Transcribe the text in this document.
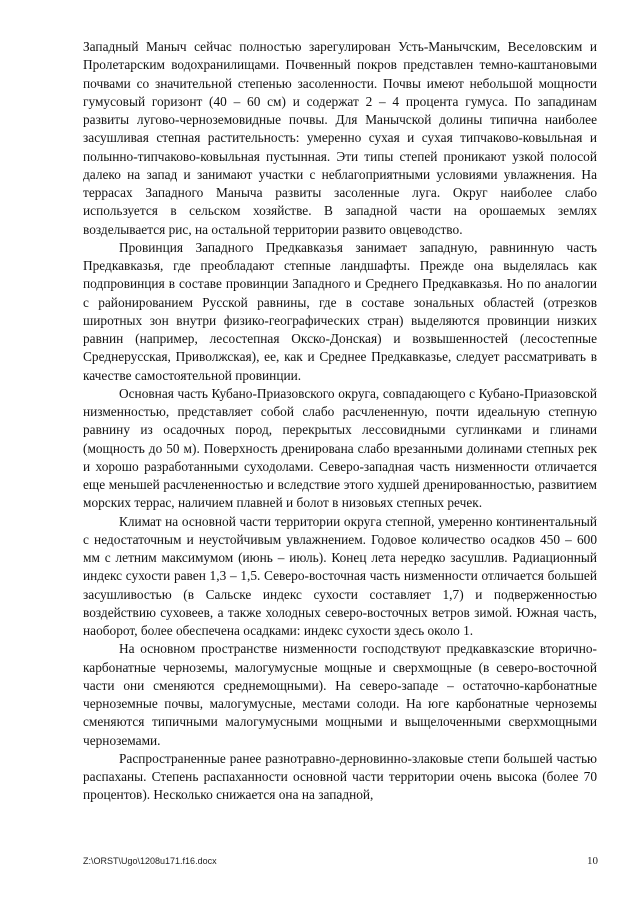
Западный Маныч сейчас полностью зарегулирован Усть-Манычским, Веселовским и Пролетарским водохранилищами. Почвенный покров представлен темно-каштановыми почвами со значительной степенью засоленности. Почвы имеют небольшой мощности гумусовый горизонт (40 – 60 см) и содержат 2 – 4 процента гумуса. По западинам развиты лугово-черноземовидные почвы. Для Манычской долины типична наиболее засушливая степная растительность: умеренно сухая и сухая типчаково-ковыльная и полынно-типчаково-ковыльная пустынная. Эти типы степей проникают узкой полосой далеко на запад и занимают участки с неблагоприятными условиями увлажнения. На террасах Западного Маныча развиты засоленные луга. Округ наиболее слабо используется в сельском хозяйстве. В западной части на орошаемых землях возделывается рис, на остальной территории развито овцеводство.

Провинция Западного Предкавказья занимает западную, равнинную часть Предкавказья, где преобладают степные ландшафты. Прежде она выделялась как подпровинция в составе провинции Западного и Среднего Предкавказья. Но по аналогии с районированием Русской равнины, где в составе зональных областей (отрезков широтных зон внутри физико-географических стран) выделяются провинции низких равнин (например, лесостепная Окско-Донская) и возвышенностей (лесостепные Среднерусская, Приволжская), ее, как и Среднее Предкавказье, следует рассматривать в качестве самостоятельной провинции.

Основная часть Кубано-Приазовского округа, совпадающего с Кубано-Приазовской низменностью, представляет собой слабо расчлененную, почти идеальную степную равнину из осадочных пород, перекрытых лессовидными суглинками и глинами (мощность до 50 м). Поверхность дренирована слабо врезанными долинами степных рек и хорошо разработанными суходолами. Северо-западная часть низменности отличается еще меньшей расчлененностью и вследствие этого худшей дренированностью, развитием морских террас, наличием плавней и болот в низовьях степных речек.

Климат на основной части территории округа степной, умеренно континентальный с недостаточным и неустойчивым увлажнением. Годовое количество осадков 450 – 600 мм с летним максимумом (июнь – июль). Конец лета нередко засушлив. Радиационный индекс сухости равен 1,3 – 1,5. Северо-восточная часть низменности отличается большей засушливостью (в Сальске индекс сухости составляет 1,7) и подверженностью воздействию суховеев, а также холодных северо-восточных ветров зимой. Южная часть, наоборот, более обеспечена осадками: индекс сухости здесь около 1.

На основном пространстве низменности господствуют предкавказские вторично-карбонатные черноземы, малогумусные мощные и сверхмощные (в северо-восточной части они сменяются среднемощными). На северо-западе – остаточно-карбонатные черноземные почвы, малогумусные, местами солоди. На юге карбонатные черноземы сменяются типичными малогумусными мощными и выщелоченными сверхмощными черноземами.

Распространенные ранее разнотравно-дерновинно-злаковые степи большей частью распаханы. Степень распаханности основной части территории очень высока (более 70 процентов). Несколько снижается она на западной,

Z:\ORST\Ugo\1208u171.f16.docx	10
